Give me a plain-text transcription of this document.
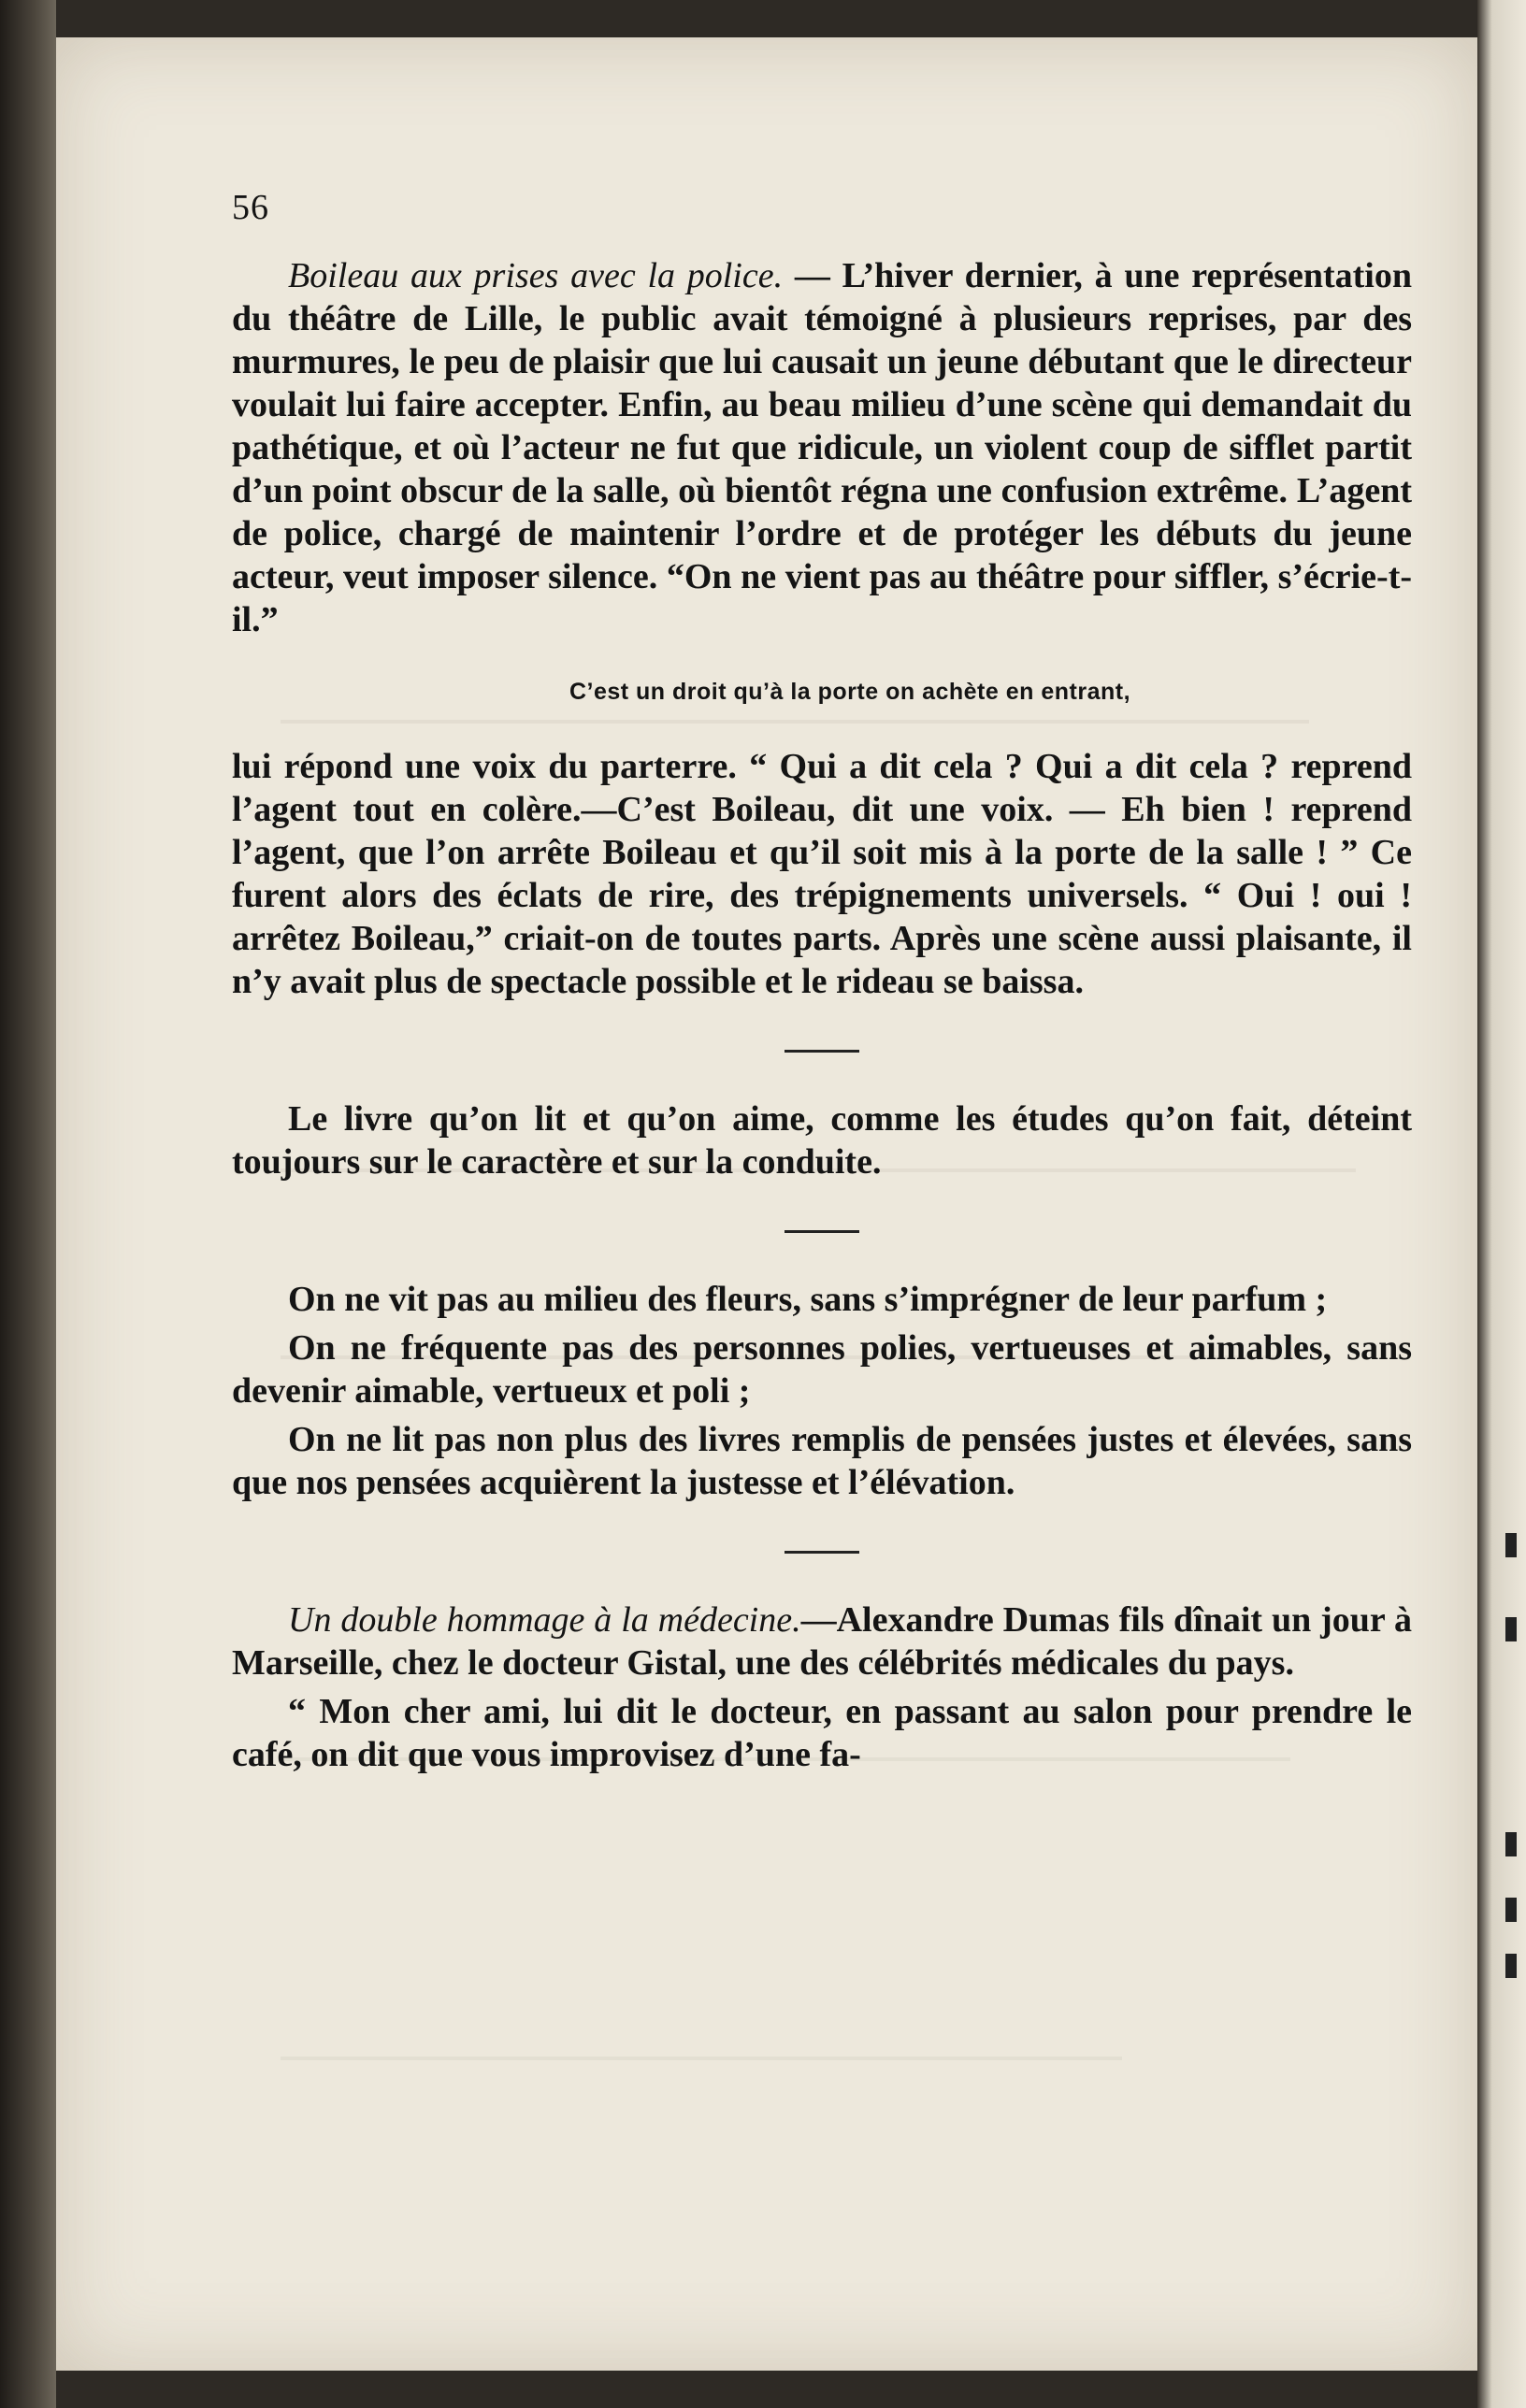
56

Boileau aux prises avec la police. — L’hiver dernier, à une représentation du théâtre de Lille, le public avait témoigné à plusieurs reprises, par des murmures, le peu de plaisir que lui causait un jeune débutant que le directeur voulait lui faire accepter. Enfin, au beau milieu d’une scène qui demandait du pathétique, et où l’acteur ne fut que ridicule, un violent coup de sifflet partit d’un point obscur de la salle, où bientôt régna une confusion extrême. L’agent de police, chargé de maintenir l’ordre et de protéger les débuts du jeune acteur, veut imposer silence. “On ne vient pas au théâtre pour siffler, s’écrie-t-il.”

C’est un droit qu’à la porte on achète en entrant,

lui répond une voix du parterre. “ Qui a dit cela ? Qui a dit cela ? reprend l’agent tout en colère.—C’est Boileau, dit une voix. — Eh bien ! reprend l’agent, que l’on arrête Boileau et qu’il soit mis à la porte de la salle ! ” Ce furent alors des éclats de rire, des trépignements universels. “ Oui ! oui ! arrêtez Boileau,” criait-on de toutes parts. Après une scène aussi plaisante, il n’y avait plus de spectacle possible et le rideau se baissa.

Le livre qu’on lit et qu’on aime, comme les études qu’on fait, déteint toujours sur le caractère et sur la conduite.

On ne vit pas au milieu des fleurs, sans s’imprégner de leur parfum ;

On ne fréquente pas des personnes polies, vertueuses et aimables, sans devenir aimable, vertueux et poli ;

On ne lit pas non plus des livres remplis de pensées justes et élevées, sans que nos pensées acquièrent la justesse et l’élévation.

Un double hommage à la médecine.—Alexandre Dumas fils dînait un jour à Marseille, chez le docteur Gistal, une des célébrités médicales du pays.

“ Mon cher ami, lui dit le docteur, en passant au salon pour prendre le café, on dit que vous improvisez d’une fa-
